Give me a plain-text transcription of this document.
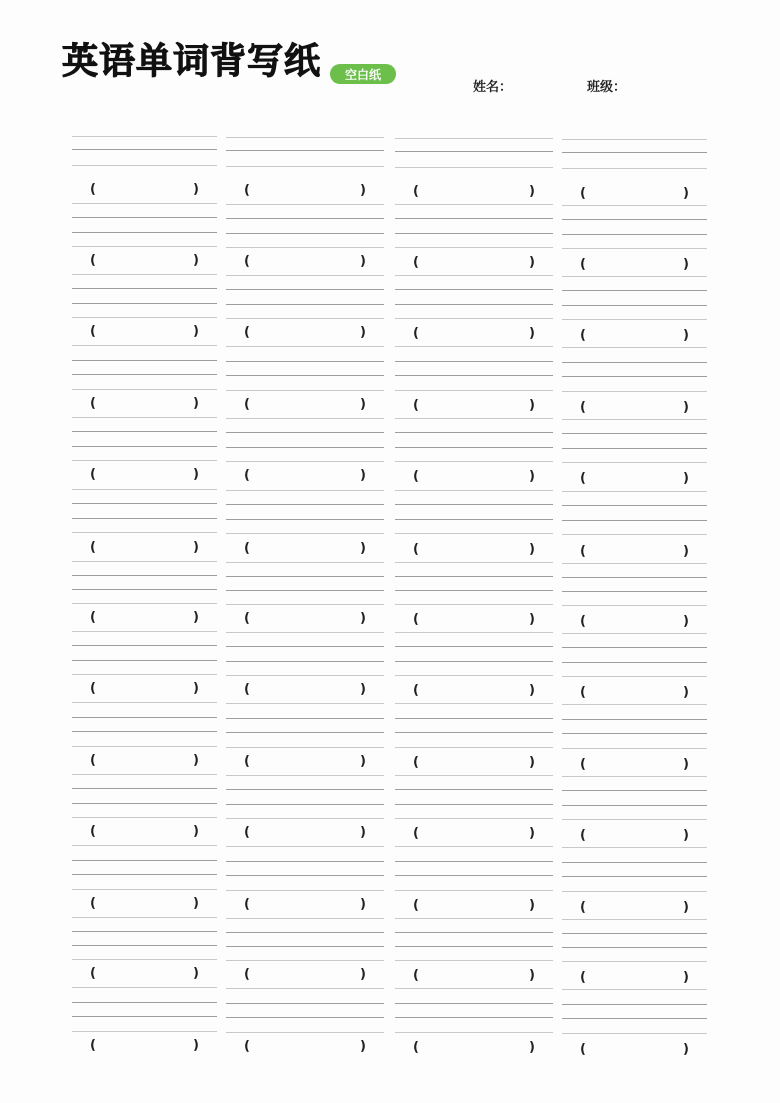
英语单词背写纸	空白纸
姓名：	班级：
(	)
(	)
(	)
(	)
(	)
(	)
(	)
(	)
(	)
(	)
(	)
(	)
(	)
(	)
(	)
(	)
(	)
(	)
(	)
(	)
(	)
(	)
(	)
(	)
(	)
(	)
(	)
(	)
(	)
(	)
(	)
(	)
(	)
(	)
(	)
(	)
(	)
(	)
(	)
(	)
(	)
(	)
(	)
(	)
(	)
(	)
(	)
(	)
(	)
(	)
(	)
(	)
